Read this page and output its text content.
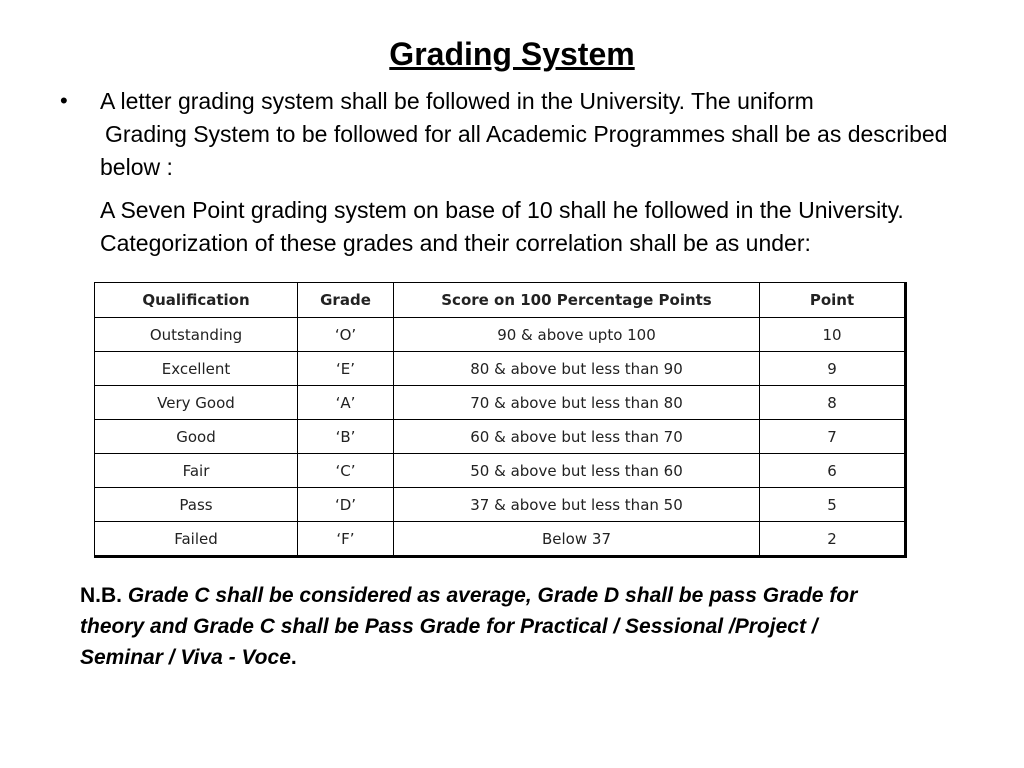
Grading System
• A letter grading system shall be followed in the University. The uniform
Grading System to be followed for all Academic Programmes shall be as described below :

A Seven Point grading system on base of 10 shall he followed in the University.Categorization of these grades and their correlation shall be as under:

Qualification	Grade	Score on 100 Percentage Points	Point
Outstanding	‘O’	90 & above upto 100	10
Excellent	‘E’	80 & above but less than 90	9
Very Good	‘A’	70 & above but less than 80	8
Good	‘B’	60 & above but less than 70	7
Fair	‘C’	50 & above but less than 60	6
Pass	‘D’	37 & above but less than 50	5
Failed	‘F’	Below 37	2

N.B. Grade C shall be considered as average, Grade D shall be pass Grade for theory and Grade C shall be Pass Grade for Practical / Sessional /Project / Seminar / Viva - Voce.
